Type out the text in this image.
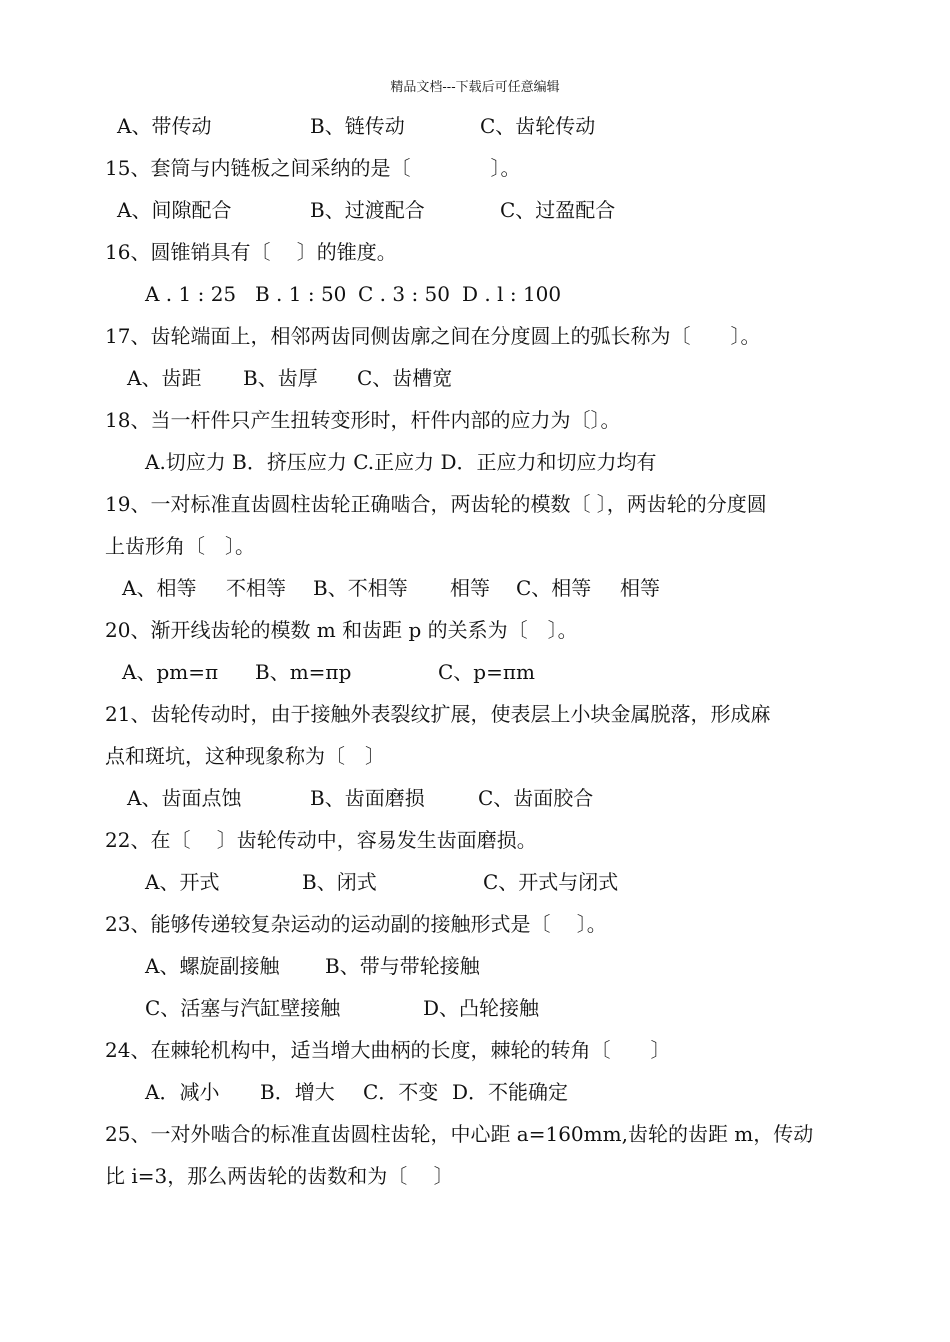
精品文档---下载后可任意编辑
A、带传动	B、链传动	C、齿轮传动
15、套筒与内链板之间采纳的是〔　　　　〕。
A、间隙配合	B、过渡配合	C、过盈配合
16、圆锥销具有〔　 〕的锥度。
A . 1 : 25 B . 1 : 50 C . 3 : 50 D . l : 100
17、齿轮端面上，相邻两齿同侧齿廓之间在分度圆上的弧长称为〔　　〕。
A、齿距 B、齿厚 C、齿槽宽
18、当一杆件只产生扭转变形时，杆件内部的应力为〔〕。
A.切应力 B．挤压应力 C.正应力 D．正应力和切应力均有
19、一对标准直齿圆柱齿轮正确啮合，两齿轮的模数〔 〕，两齿轮的分度圆
上齿形角〔　〕。
A、相等 不相等 B、不相等 相等 C、相等 相等
20、渐开线齿轮的模数 m 和齿距 p 的关系为〔　〕。
A、pm=π B、m=πp	C、p=πm
21、齿轮传动时，由于接触外表裂纹扩展，使表层上小块金属脱落，形成麻
点和斑坑，这种现象称为〔　〕
A、齿面点蚀	B、齿面磨损	C、齿面胶合
22、在〔　 〕齿轮传动中，容易发生齿面磨损。
A、开式	B、闭式	C、开式与闭式
23、能够传递较复杂运动的运动副的接触形式是〔　 〕。
A、螺旋副接触 B、带与带轮接触
C、活塞与汽缸壁接触	D、凸轮接触
24、在棘轮机构中，适当增大曲柄的长度，棘轮的转角〔　　〕
A．减小 B．增大 C．不变 D．不能确定
25、一对外啮合的标准直齿圆柱齿轮，中心距 a=160mm,齿轮的齿距 m，传动
比 i=3，那么两齿轮的齿数和为〔　 〕
